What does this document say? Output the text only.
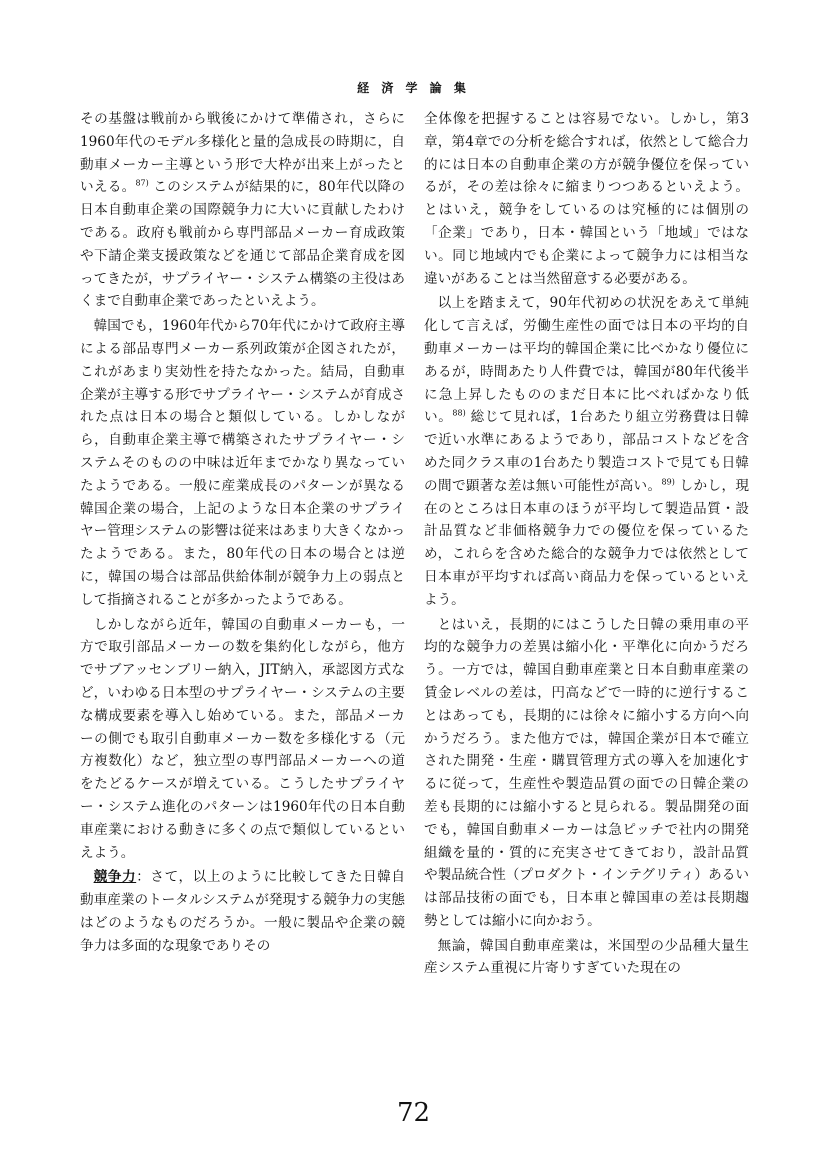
経 済 学 論 集

その基盤は戦前から戦後にかけて準備され，さらに1960年代のモデル多様化と量的急成長の時期に，自動車メーカー主導という形で大枠が出来上がったといえる。$^{87)}$ このシステムが結果的に，80年代以降の日本自動車企業の国際競争力に大いに貢献したわけである。政府も戦前から専門部品メーカー育成政策や下請企業支援政策などを通じて部品企業育成を図ってきたが，サプライヤー・システム構築の主役はあくまで自動車企業であったといえよう。

韓国でも，1960年代から70年代にかけて政府主導による部品専門メーカー系列政策が企図されたが，これがあまり実効性を持たなかった。結局，自動車企業が主導する形でサプライヤー・システムが育成された点は日本の場合と類似している。しかしながら，自動車企業主導で構築されたサプライヤー・システムそのものの中味は近年までかなり異なっていたようである。一般に産業成長のパターンが異なる韓国企業の場合，上記のような日本企業のサプライヤー管理システムの影響は従来はあまり大きくなかったようである。また，80年代の日本の場合とは逆に，韓国の場合は部品供給体制が競争力上の弱点として指摘されることが多かったようである。

しかしながら近年，韓国の自動車メーカーも，一方で取引部品メーカーの数を集約化しながら，他方でサブアッセンブリー納入，JIT納入，承認図方式など，いわゆる日本型のサプライヤー・システムの主要な構成要素を導入し始めている。また，部品メーカーの側でも取引自動車メーカー数を多様化する（元方複数化）など，独立型の専門部品メーカーへの道をたどるケースが増えている。こうしたサプライヤー・システム進化のパターンは1960年代の日本自動車産業における動きに多くの点で類似しているといえよう。

競争力：さて，以上のように比較してきた日韓自動車産業のトータルシステムが発現する競争力の実態はどのようなものだろうか。一般に製品や企業の競争力は多面的な現象でありその

全体像を把握することは容易でない。しかし，第3章，第4章での分析を総合すれば，依然として総合力的には日本の自動車企業の方が競争優位を保っているが，その差は徐々に縮まりつつあるといえよう。とはいえ，競争をしているのは究極的には個別の「企業」であり，日本・韓国という「地域」ではない。同じ地域内でも企業によって競争力には相当な違いがあることは当然留意する必要がある。

以上を踏まえて，90年代初めの状況をあえて単純化して言えば，労働生産性の面では日本の平均的自動車メーカーは平均的韓国企業に比べかなり優位にあるが，時間あたり人件費では，韓国が80年代後半に急上昇したもののまだ日本に比べればかなり低い。$^{88)}$ 総じて見れば，1台あたり組立労務費は日韓で近い水準にあるようであり，部品コストなどを含めた同クラス車の1台あたり製造コストで見ても日韓の間で顕著な差は無い可能性が高い。$^{89)}$ しかし，現在のところは日本車のほうが平均して製造品質・設計品質など非価格競争力での優位を保っているため，これらを含めた総合的な競争力では依然として日本車が平均すれば高い商品力を保っているといえよう。

とはいえ，長期的にはこうした日韓の乗用車の平均的な競争力の差異は縮小化・平準化に向かうだろう。一方では，韓国自動車産業と日本自動車産業の賃金レベルの差は，円高などで一時的に逆行することはあっても，長期的には徐々に縮小する方向へ向かうだろう。また他方では，韓国企業が日本で確立された開発・生産・購買管理方式の導入を加速化するに従って，生産性や製造品質の面での日韓企業の差も長期的には縮小すると見られる。製品開発の面でも，韓国自動車メーカーは急ピッチで社内の開発組織を量的・質的に充実させてきており，設計品質や製品統合性（プロダクト・インテグリティ）あるいは部品技術の面でも，日本車と韓国車の差は長期趨勢としては縮小に向かおう。

無論，韓国自動車産業は，米国型の少品種大量生産システム重視に片寄りすぎていた現在の

72
